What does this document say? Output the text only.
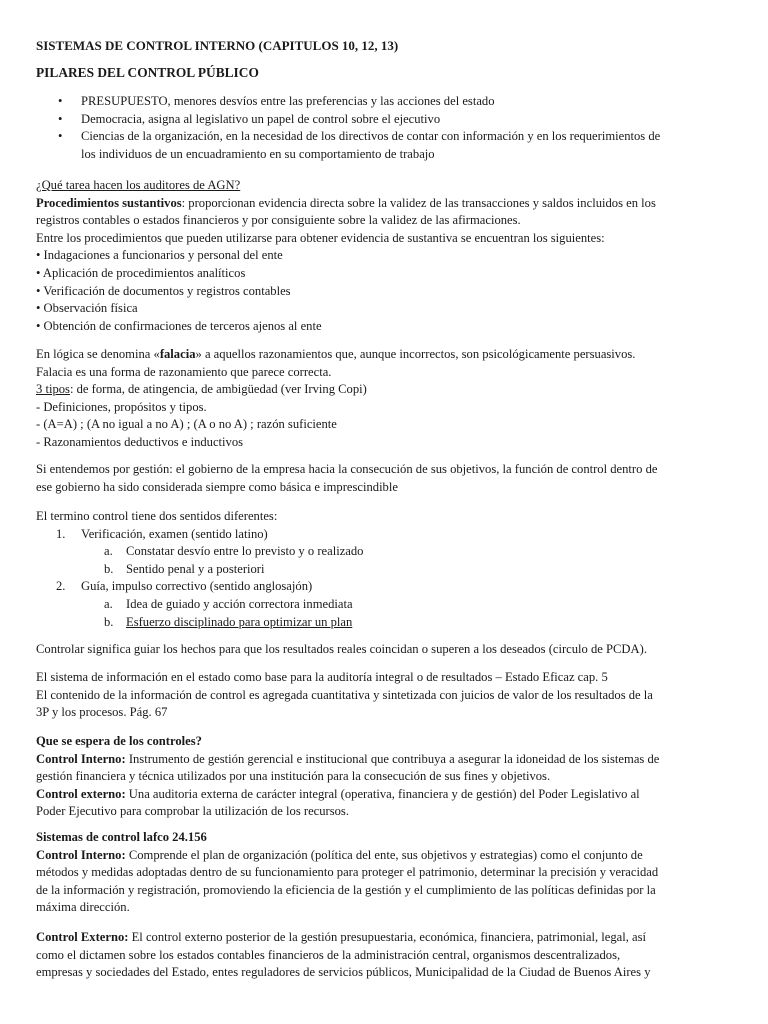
SISTEMAS DE CONTROL INTERNO (CAPITULOS 10, 12, 13)
PILARES DEL CONTROL PÚBLICO
• PRESUPUESTO, menores desvíos entre las preferencias y las acciones del estado
• Democracia, asigna al legislativo un papel de control sobre el ejecutivo
• Ciencias de la organización, en la necesidad de los directivos de contar con información y en los requerimientos de
los individuos de un encuadramiento en su comportamiento de trabajo
¿Qué tarea hacen los auditores de AGN?
Procedimientos sustantivos: proporcionan evidencia directa sobre la validez de las transacciones y saldos incluidos en los
registros contables o estados financieros y por consiguiente sobre la validez de las afirmaciones.
Entre los procedimientos que pueden utilizarse para obtener evidencia de sustantiva se encuentran los siguientes:
• Indagaciones a funcionarios y personal del ente
• Aplicación de procedimientos analíticos
• Verificación de documentos y registros contables
• Observación física
• Obtención de confirmaciones de terceros ajenos al ente
En lógica se denomina «falacia» a aquellos razonamientos que, aunque incorrectos, son psicológicamente persuasivos.
Falacia es una forma de razonamiento que parece correcta.
3 tipos: de forma, de atingencia, de ambigüedad (ver Irving Copi)
- Definiciones, propósitos y tipos.
- (A=A) ; (A no igual a no A) ; (A o no A) ; razón suficiente
- Razonamientos deductivos e inductivos
Si entendemos por gestión: el gobierno de la empresa hacia la consecución de sus objetivos, la función de control dentro de
ese gobierno ha sido considerada siempre como básica e imprescindible
El termino control tiene dos sentidos diferentes:
1. Verificación, examen (sentido latino)
a. Constatar desvío entre lo previsto y o realizado
b. Sentido penal y a posteriori
2. Guía, impulso correctivo (sentido anglosajón)
a. Idea de guiado y acción correctora inmediata
b. Esfuerzo disciplinado para optimizar un plan
Controlar significa guiar los hechos para que los resultados reales coincidan o superen a los deseados (circulo de PCDA).
El sistema de información en el estado como base para la auditoría integral o de resultados – Estado Eficaz cap. 5
El contenido de la información de control es agregada cuantitativa y sintetizada con juicios de valor de los resultados de la
3P y los procesos. Pág. 67
Que se espera de los controles?
Control Interno: Instrumento de gestión gerencial e institucional que contribuya a asegurar la idoneidad de los sistemas de
gestión financiera y técnica utilizados por una institución para la consecución de sus fines y objetivos.
Control externo: Una auditoria externa de carácter integral (operativa, financiera y de gestión) del Poder Legislativo al
Poder Ejecutivo para comprobar la utilización de los recursos.
Sistemas de control lafco 24.156
Control Interno: Comprende el plan de organización (política del ente, sus objetivos y estrategias) como el conjunto de
métodos y medidas adoptadas dentro de su funcionamiento para proteger el patrimonio, determinar la precisión y veracidad
de la información y registración, promoviendo la eficiencia de la gestión y el cumplimiento de las políticas definidas por la
máxima dirección.
Control Externo: El control externo posterior de la gestión presupuestaria, económica, financiera, patrimonial, legal, así
como el dictamen sobre los estados contables financieros de la administración central, organismos descentralizados,
empresas y sociedades del Estado, entes reguladores de servicios públicos, Municipalidad de la Ciudad de Buenos Aires y
